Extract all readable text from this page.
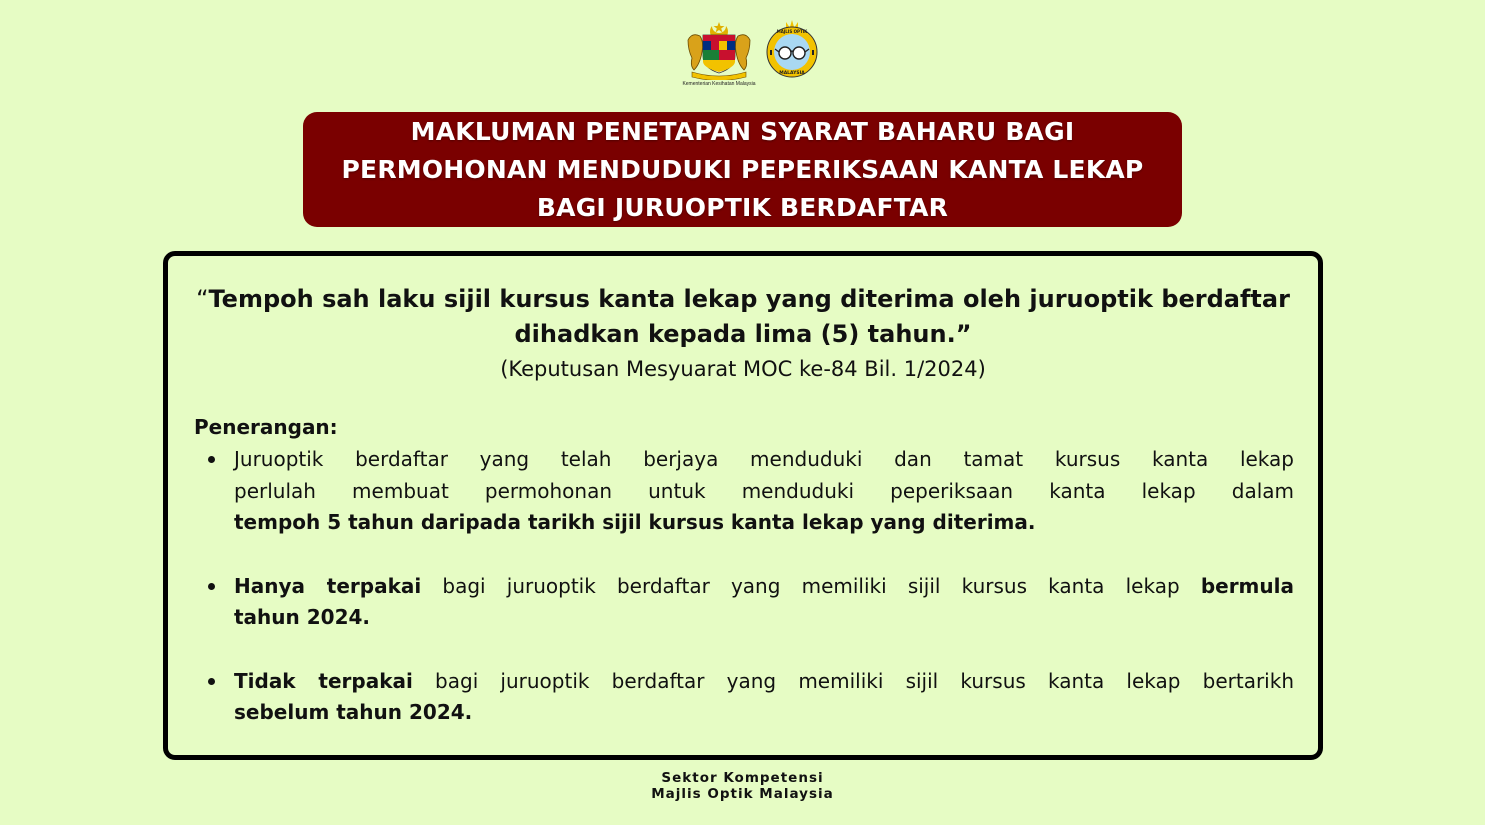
Kementerian Kesihatan Malaysia
MALAYSIA
MAJLIS OPTIK
MAKLUMAN PENETAPAN SYARAT BAHARU BAGI
PERMOHONAN MENDUDUKI PEPERIKSAAN KANTA LEKAP
BAGI JURUOPTIK BERDAFTAR
“Tempoh sah laku sijil kursus kanta lekap yang diterima oleh juruoptik berdaftar
dihadkan kepada lima (5) tahun.”
(Keputusan Mesyuarat MOC ke-84 Bil. 1/2024)
Penerangan:
Juruoptik berdaftar yang telah berjaya menduduki dan tamat kursus kanta lekap
perlulah membuat permohonan untuk menduduki peperiksaan kanta lekap dalam
tempoh 5 tahun daripada tarikh sijil kursus kanta lekap yang diterima.
Hanya terpakai bagi juruoptik berdaftar yang memiliki sijil kursus kanta lekap bermula
tahun 2024.
Tidak terpakai bagi juruoptik berdaftar yang memiliki sijil kursus kanta lekap bertarikh
sebelum tahun 2024.
Sektor Kompetensi
Majlis Optik Malaysia
